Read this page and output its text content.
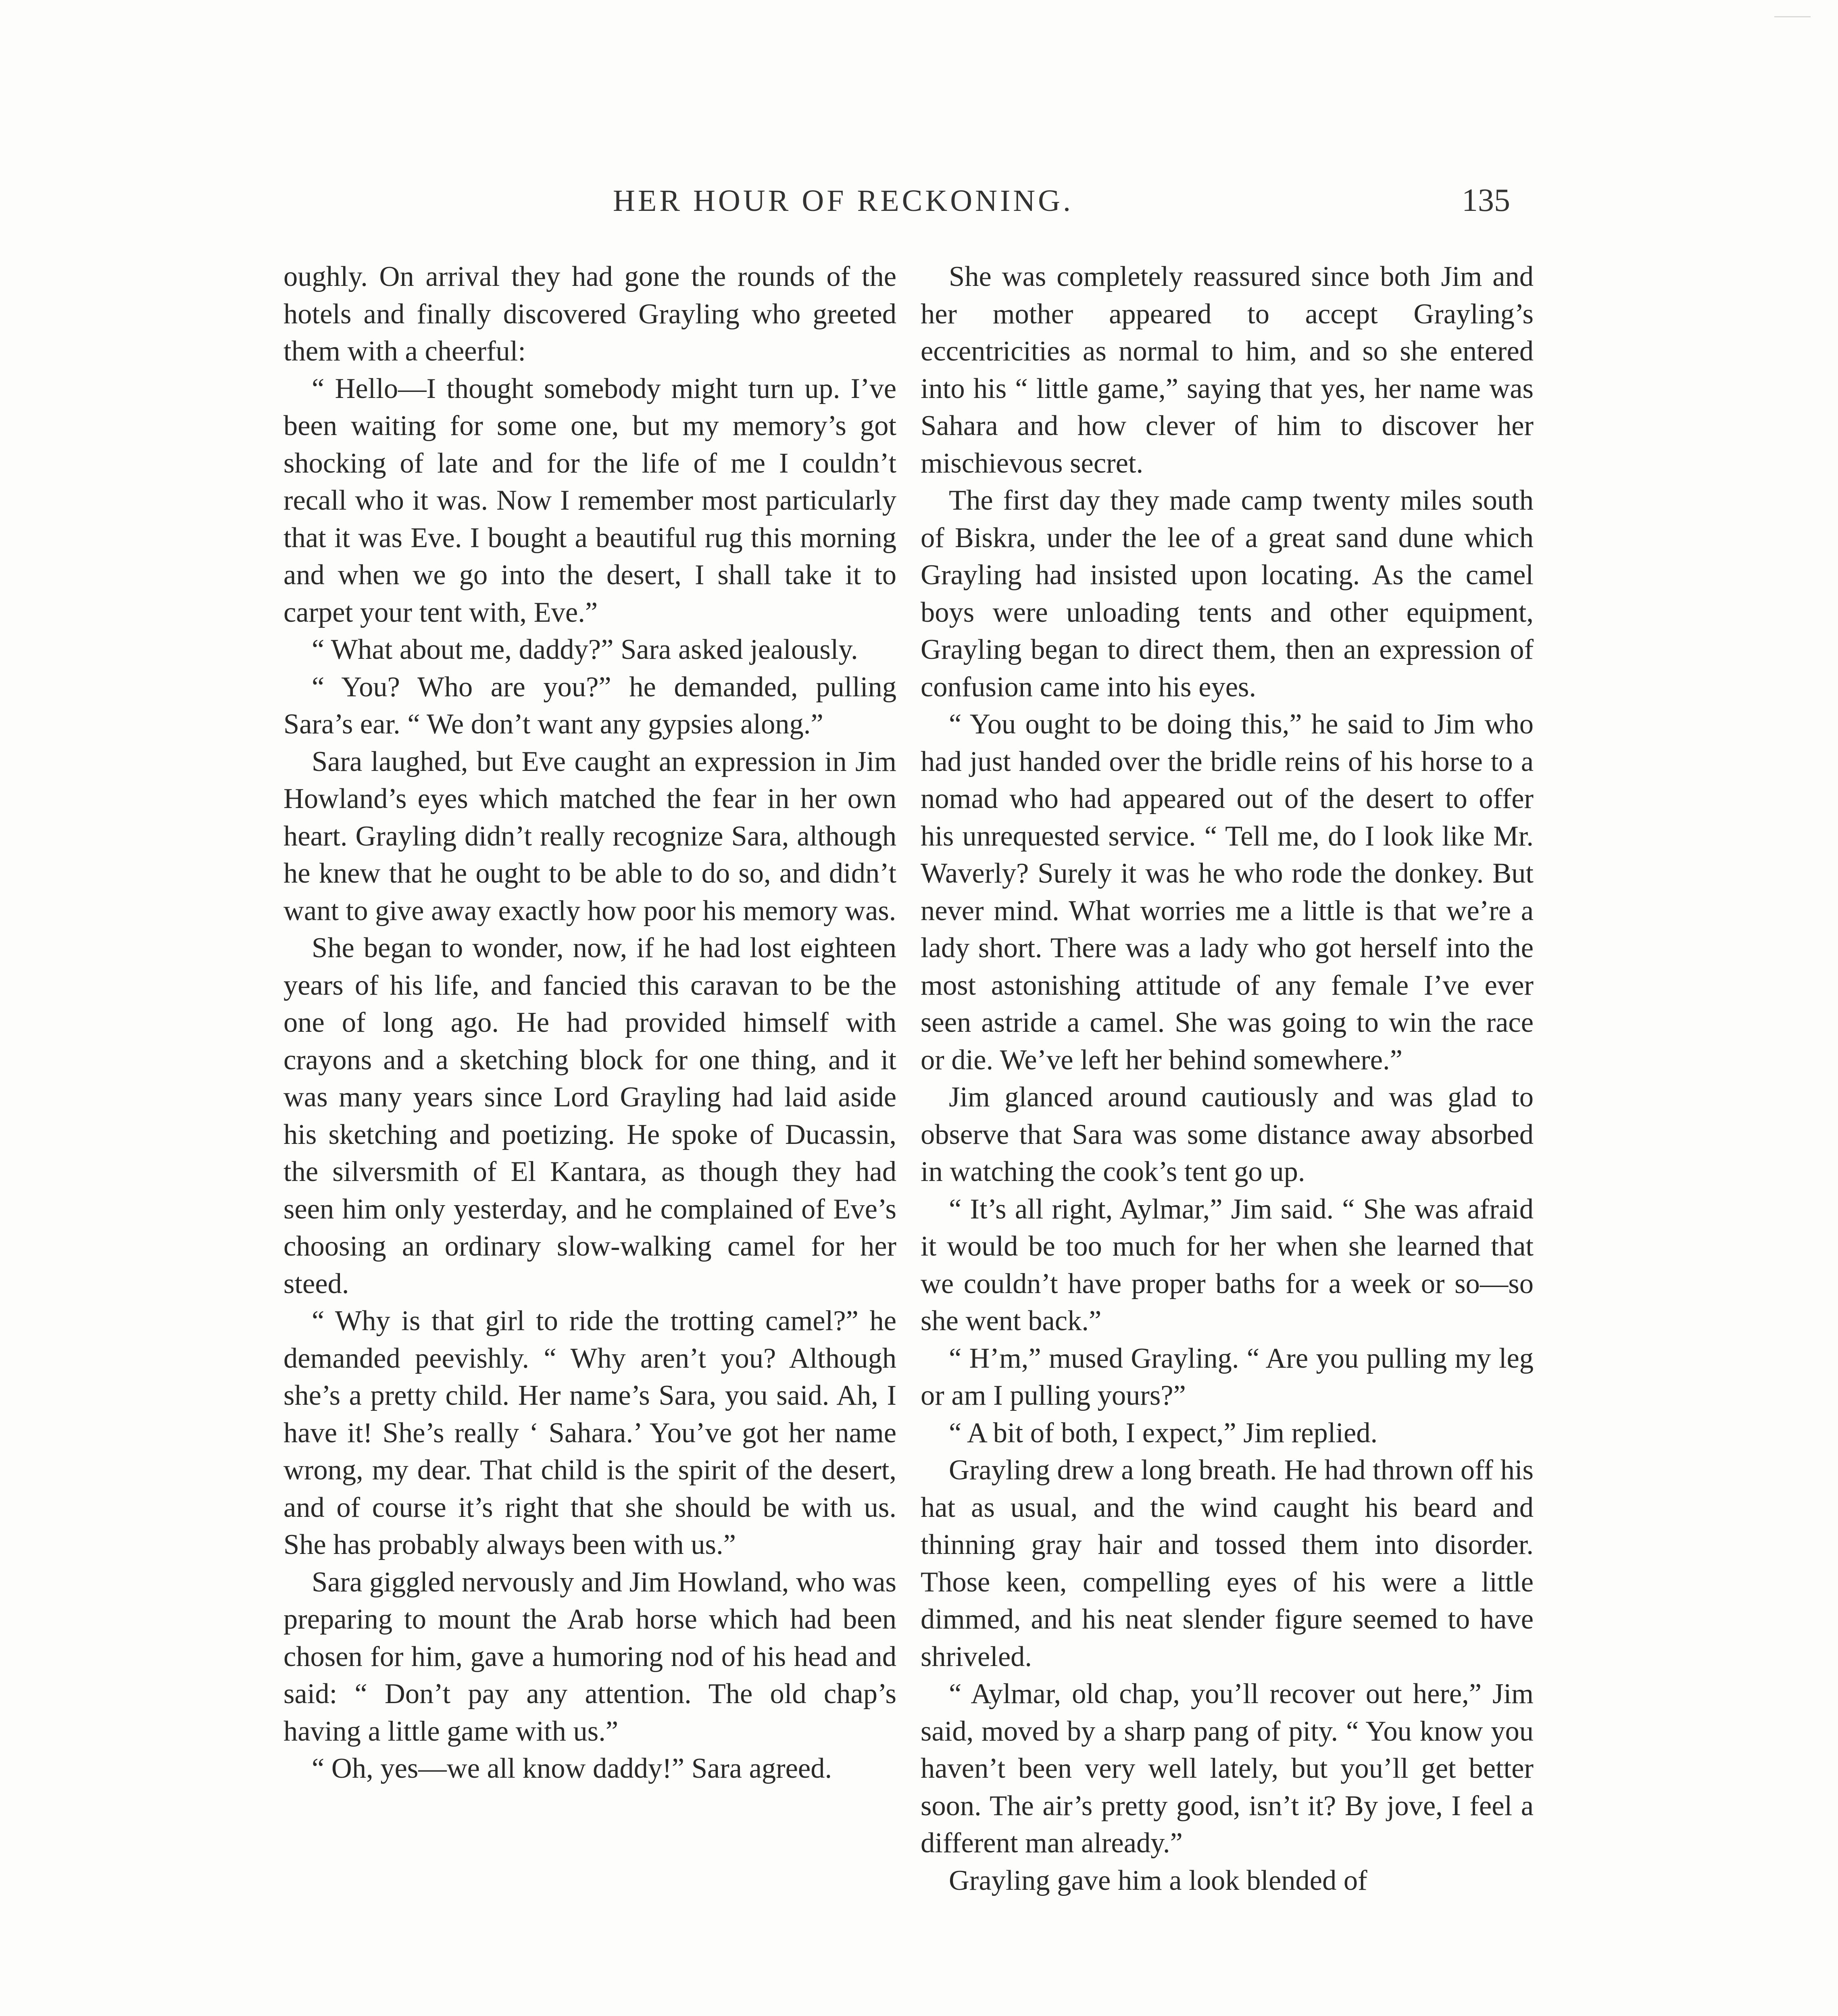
HER HOUR OF RECKONING.	135

oughly. On arrival they had gone the rounds of the hotels and finally discovered Grayling who greeted them with a cheerful:

“ Hello—I thought somebody might turn up. I’ve been waiting for some one, but my memory’s got shocking of late and for the life of me I couldn’t recall who it was. Now I remember most particularly that it was Eve. I bought a beautiful rug this morning and when we go into the desert, I shall take it to carpet your tent with, Eve.”

“ What about me, daddy?” Sara asked jealously.

“ You? Who are you?” he demanded, pulling Sara’s ear. “ We don’t want any gypsies along.”

Sara laughed, but Eve caught an expression in Jim Howland’s eyes which matched the fear in her own heart. Grayling didn’t really recognize Sara, although he knew that he ought to be able to do so, and didn’t want to give away exactly how poor his memory was.

She began to wonder, now, if he had lost eighteen years of his life, and fancied this caravan to be the one of long ago. He had provided himself with crayons and a sketching block for one thing, and it was many years since Lord Grayling had laid aside his sketching and poetizing. He spoke of Ducassin, the silversmith of El Kantara, as though they had seen him only yesterday, and he complained of Eve’s choosing an ordinary slow-walking camel for her steed.

“ Why is that girl to ride the trotting camel?” he demanded peevishly. “ Why aren’t you? Although she’s a pretty child. Her name’s Sara, you said. Ah, I have it! She’s really ‘ Sahara.’ You’ve got her name wrong, my dear. That child is the spirit of the desert, and of course it’s right that she should be with us. She has probably always been with us.”

Sara giggled nervously and Jim Howland, who was preparing to mount the Arab horse which had been chosen for him, gave a humoring nod of his head and said: “ Don’t pay any attention. The old chap’s having a little game with us.”

“ Oh, yes—we all know daddy!” Sara agreed.

She was completely reassured since both Jim and her mother appeared to accept Grayling’s eccentricities as normal to him, and so she entered into his “ little game,” saying that yes, her name was Sahara and how clever of him to discover her mischievous secret.

The first day they made camp twenty miles south of Biskra, under the lee of a great sand dune which Grayling had insisted upon locating. As the camel boys were unloading tents and other equipment, Grayling began to direct them, then an expression of confusion came into his eyes.

“ You ought to be doing this,” he said to Jim who had just handed over the bridle reins of his horse to a nomad who had appeared out of the desert to offer his unrequested service. “ Tell me, do I look like Mr. Waverly? Surely it was he who rode the donkey. But never mind. What worries me a little is that we’re a lady short. There was a lady who got herself into the most astonishing attitude of any female I’ve ever seen astride a camel. She was going to win the race or die. We’ve left her behind somewhere.”

Jim glanced around cautiously and was glad to observe that Sara was some distance away absorbed in watching the cook’s tent go up.

“ It’s all right, Aylmar,” Jim said. “ She was afraid it would be too much for her when she learned that we couldn’t have proper baths for a week or so—so she went back.”

“ H’m,” mused Grayling. “ Are you pulling my leg or am I pulling yours?”

“ A bit of both, I expect,” Jim replied.

Grayling drew a long breath. He had thrown off his hat as usual, and the wind caught his beard and thinning gray hair and tossed them into disorder. Those keen, compelling eyes of his were a little dimmed, and his neat slender figure seemed to have shriveled.

“ Aylmar, old chap, you’ll recover out here,” Jim said, moved by a sharp pang of pity. “ You know you haven’t been very well lately, but you’ll get better soon. The air’s pretty good, isn’t it? By jove, I feel a different man already.”

Grayling gave him a look blended of
